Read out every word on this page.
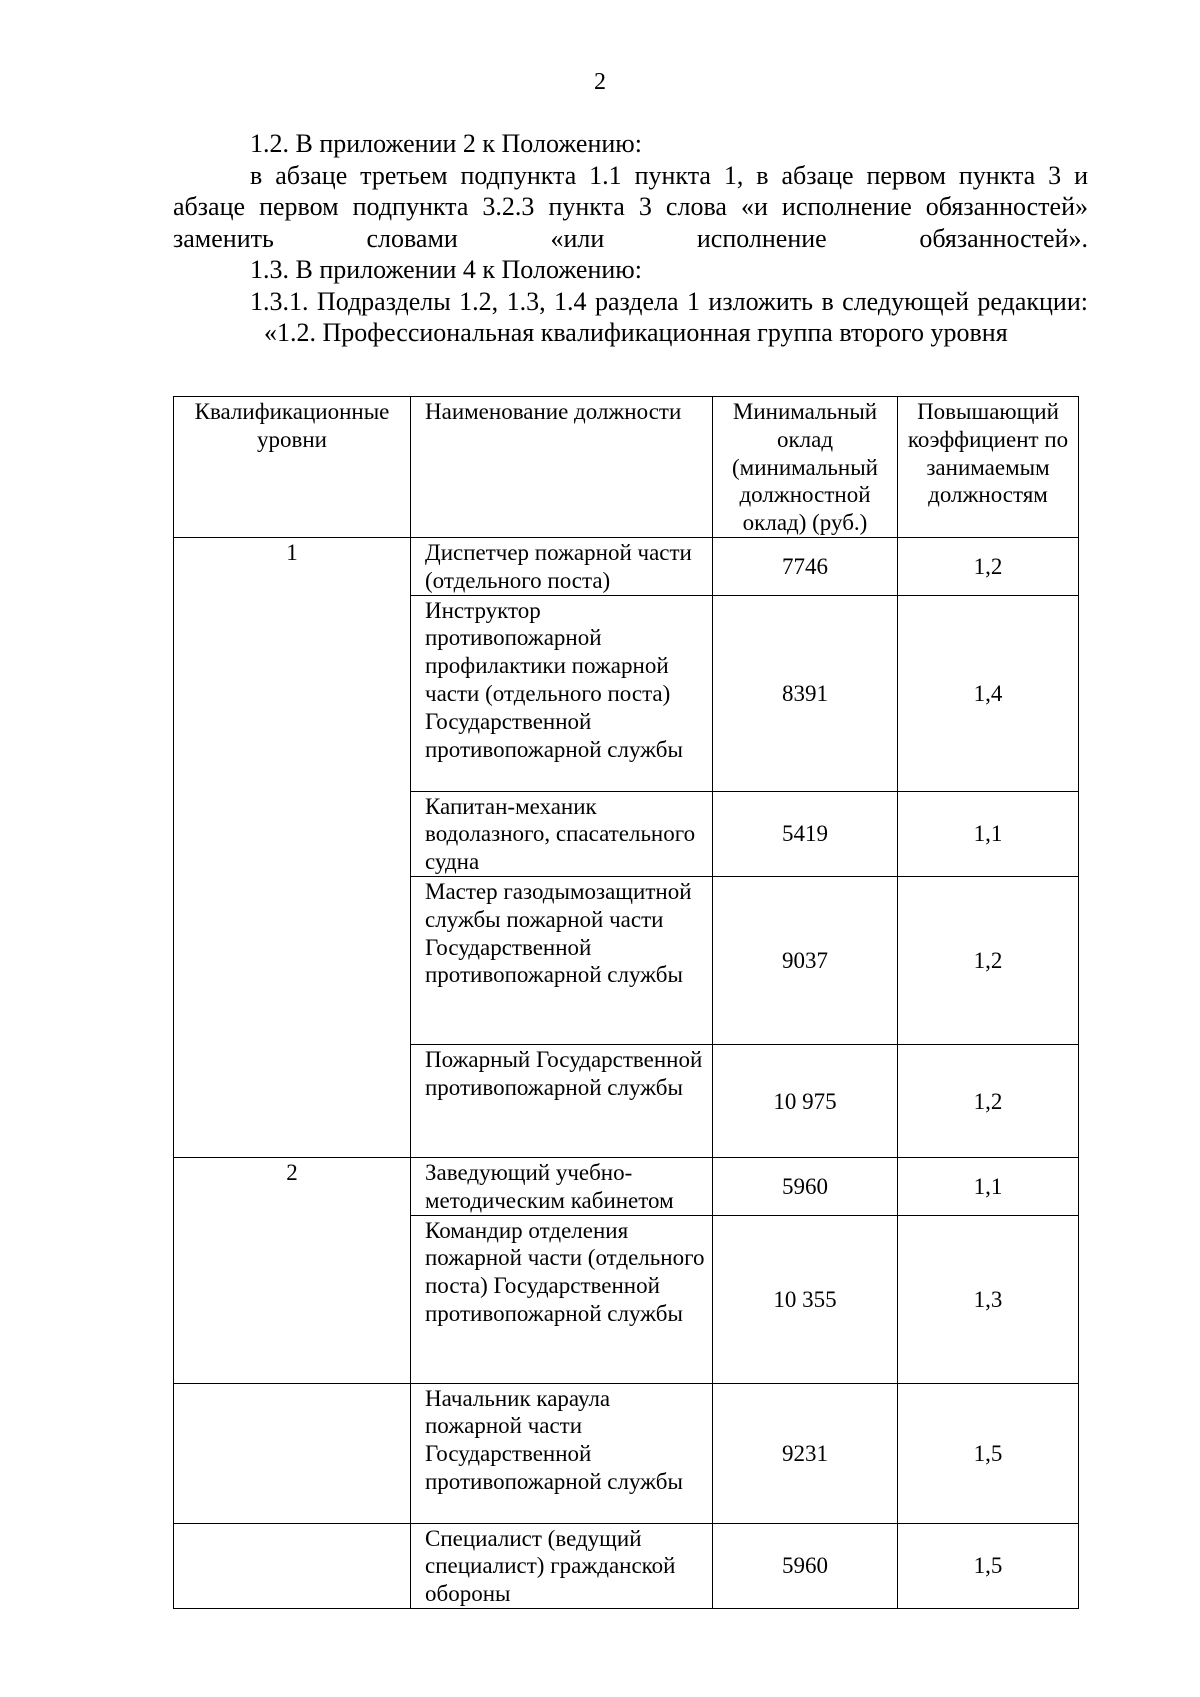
2

1.2. В приложении 2 к Положению:

в абзаце третьем подпункта 1.1 пункта 1, в абзаце первом пункта 3 и абзаце первом подпункта 3.2.3 пункта 3 слова «и исполнение обязанностей» заменить словами «или исполнение обязанностей».

1.3. В приложении 4 к Положению:

1.3.1. Подразделы 1.2, 1.3, 1.4 раздела 1 изложить в следующей редакции:

«1.2. Профессиональная квалификационная группа второго уровня

Квалификационные уровни	Наименование должности	Минимальный оклад (минимальный должностной оклад) (руб.)	Повышающий коэффициент по занимаемым должностям
1	Диспетчер пожарной части (отдельного поста)	7746	1,2
	Инструктор противопожарной профилактики пожарной части (отдельного поста) Государственной противопожарной службы	8391	1,4
	Капитан-механик водолазного, спасательного судна	5419	1,1
	Мастер газодымозащитной службы пожарной части Государственной противопожарной службы	9037	1,2
	Пожарный Государственной противопожарной службы	10 975	1,2
2	Заведующий учебно-методическим кабинетом	5960	1,1
	Командир отделения пожарной части (отдельного поста) Государственной противопожарной службы	10 355	1,3
	Начальник караула пожарной части Государственной противопожарной службы	9231	1,5
	Специалист (ведущий специалист) гражданской обороны	5960	1,5
